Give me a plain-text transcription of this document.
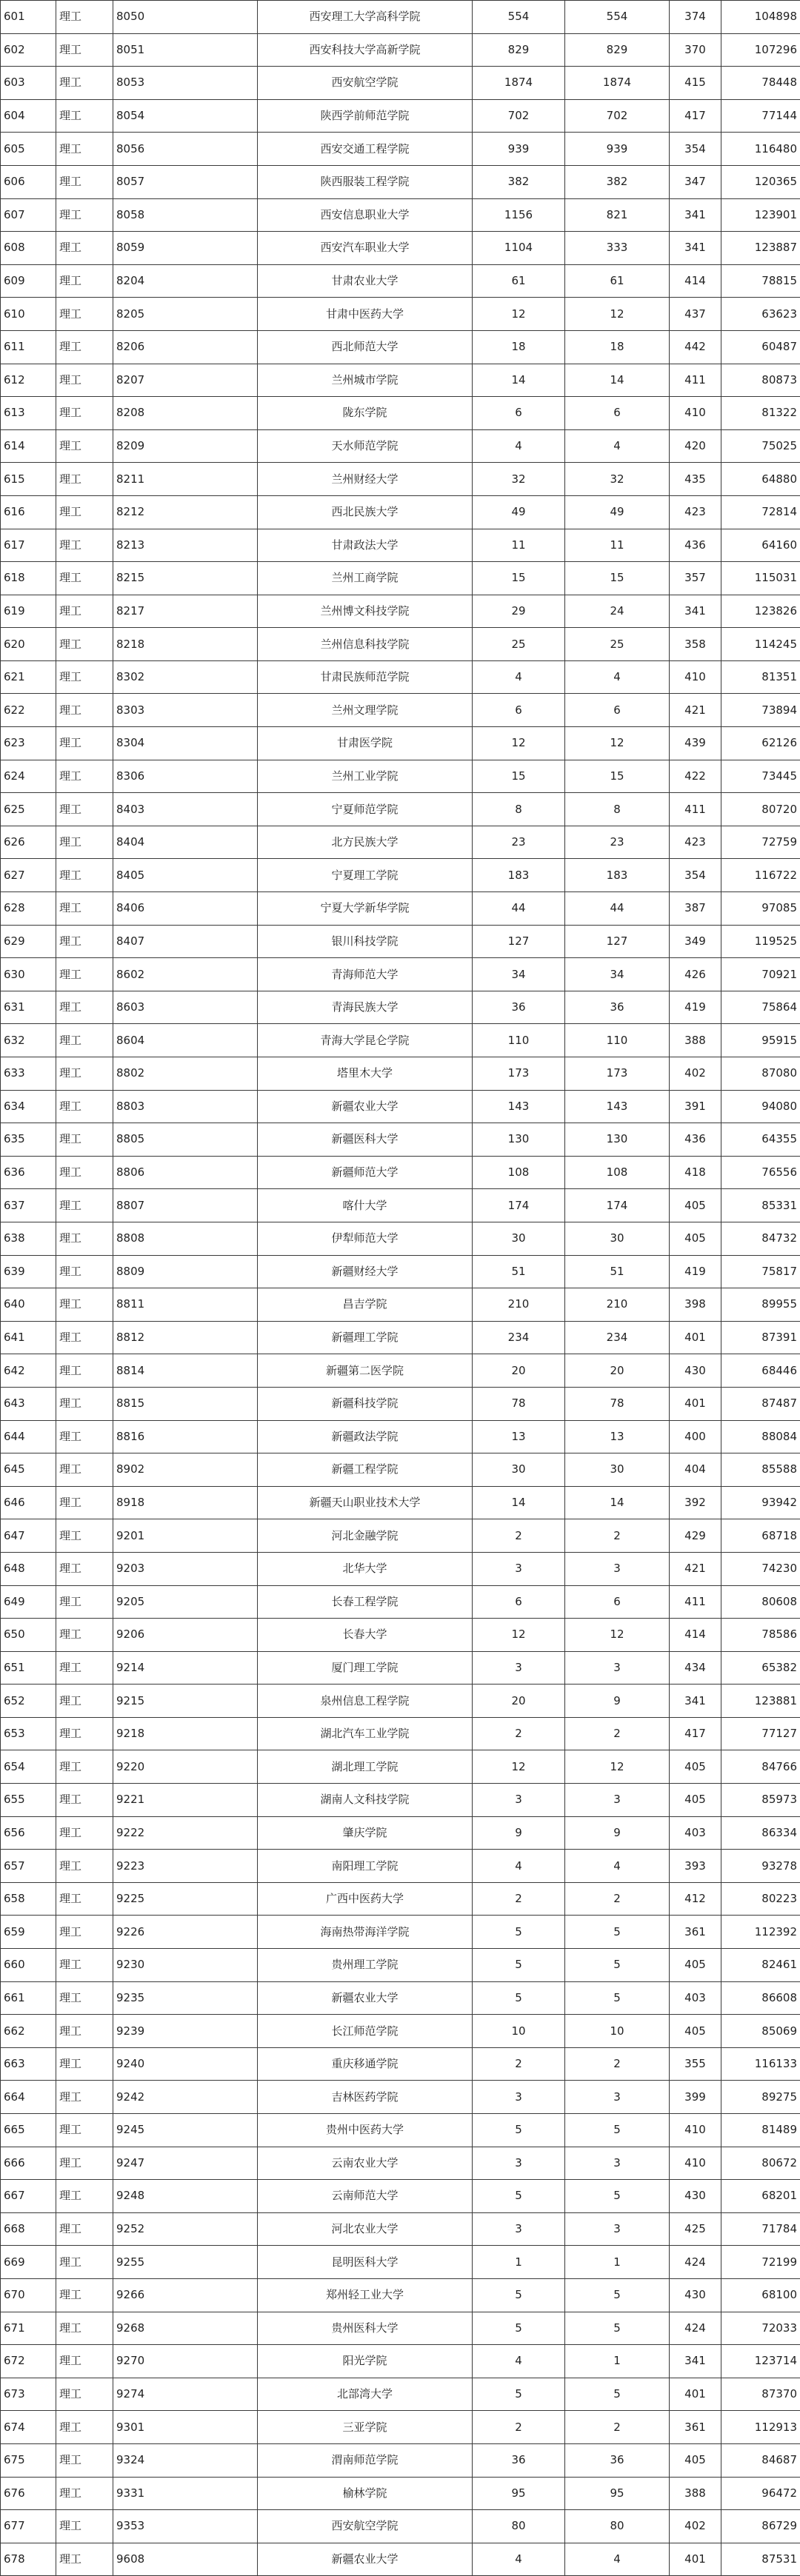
601	理工	8050	西安理工大学高科学院	554	554	374	104898
602	理工	8051	西安科技大学高新学院	829	829	370	107296
603	理工	8053	西安航空学院	1874	1874	415	78448
604	理工	8054	陕西学前师范学院	702	702	417	77144
605	理工	8056	西安交通工程学院	939	939	354	116480
606	理工	8057	陕西服装工程学院	382	382	347	120365
607	理工	8058	西安信息职业大学	1156	821	341	123901
608	理工	8059	西安汽车职业大学	1104	333	341	123887
609	理工	8204	甘肃农业大学	61	61	414	78815
610	理工	8205	甘肃中医药大学	12	12	437	63623
611	理工	8206	西北师范大学	18	18	442	60487
612	理工	8207	兰州城市学院	14	14	411	80873
613	理工	8208	陇东学院	6	6	410	81322
614	理工	8209	天水师范学院	4	4	420	75025
615	理工	8211	兰州财经大学	32	32	435	64880
616	理工	8212	西北民族大学	49	49	423	72814
617	理工	8213	甘肃政法大学	11	11	436	64160
618	理工	8215	兰州工商学院	15	15	357	115031
619	理工	8217	兰州博文科技学院	29	24	341	123826
620	理工	8218	兰州信息科技学院	25	25	358	114245
621	理工	8302	甘肃民族师范学院	4	4	410	81351
622	理工	8303	兰州文理学院	6	6	421	73894
623	理工	8304	甘肃医学院	12	12	439	62126
624	理工	8306	兰州工业学院	15	15	422	73445
625	理工	8403	宁夏师范学院	8	8	411	80720
626	理工	8404	北方民族大学	23	23	423	72759
627	理工	8405	宁夏理工学院	183	183	354	116722
628	理工	8406	宁夏大学新华学院	44	44	387	97085
629	理工	8407	银川科技学院	127	127	349	119525
630	理工	8602	青海师范大学	34	34	426	70921
631	理工	8603	青海民族大学	36	36	419	75864
632	理工	8604	青海大学昆仑学院	110	110	388	95915
633	理工	8802	塔里木大学	173	173	402	87080
634	理工	8803	新疆农业大学	143	143	391	94080
635	理工	8805	新疆医科大学	130	130	436	64355
636	理工	8806	新疆师范大学	108	108	418	76556
637	理工	8807	喀什大学	174	174	405	85331
638	理工	8808	伊犁师范大学	30	30	405	84732
639	理工	8809	新疆财经大学	51	51	419	75817
640	理工	8811	昌吉学院	210	210	398	89955
641	理工	8812	新疆理工学院	234	234	401	87391
642	理工	8814	新疆第二医学院	20	20	430	68446
643	理工	8815	新疆科技学院	78	78	401	87487
644	理工	8816	新疆政法学院	13	13	400	88084
645	理工	8902	新疆工程学院	30	30	404	85588
646	理工	8918	新疆天山职业技术大学	14	14	392	93942
647	理工	9201	河北金融学院	2	2	429	68718
648	理工	9203	北华大学	3	3	421	74230
649	理工	9205	长春工程学院	6	6	411	80608
650	理工	9206	长春大学	12	12	414	78586
651	理工	9214	厦门理工学院	3	3	434	65382
652	理工	9215	泉州信息工程学院	20	9	341	123881
653	理工	9218	湖北汽车工业学院	2	2	417	77127
654	理工	9220	湖北理工学院	12	12	405	84766
655	理工	9221	湖南人文科技学院	3	3	405	85973
656	理工	9222	肇庆学院	9	9	403	86334
657	理工	9223	南阳理工学院	4	4	393	93278
658	理工	9225	广西中医药大学	2	2	412	80223
659	理工	9226	海南热带海洋学院	5	5	361	112392
660	理工	9230	贵州理工学院	5	5	405	82461
661	理工	9235	新疆农业大学	5	5	403	86608
662	理工	9239	长江师范学院	10	10	405	85069
663	理工	9240	重庆移通学院	2	2	355	116133
664	理工	9242	吉林医药学院	3	3	399	89275
665	理工	9245	贵州中医药大学	5	5	410	81489
666	理工	9247	云南农业大学	3	3	410	80672
667	理工	9248	云南师范大学	5	5	430	68201
668	理工	9252	河北农业大学	3	3	425	71784
669	理工	9255	昆明医科大学	1	1	424	72199
670	理工	9266	郑州轻工业大学	5	5	430	68100
671	理工	9268	贵州医科大学	5	5	424	72033
672	理工	9270	阳光学院	4	1	341	123714
673	理工	9274	北部湾大学	5	5	401	87370
674	理工	9301	三亚学院	2	2	361	112913
675	理工	9324	渭南师范学院	36	36	405	84687
676	理工	9331	榆林学院	95	95	388	96472
677	理工	9353	西安航空学院	80	80	402	86729
678	理工	9608	新疆农业大学	4	4	401	87531
